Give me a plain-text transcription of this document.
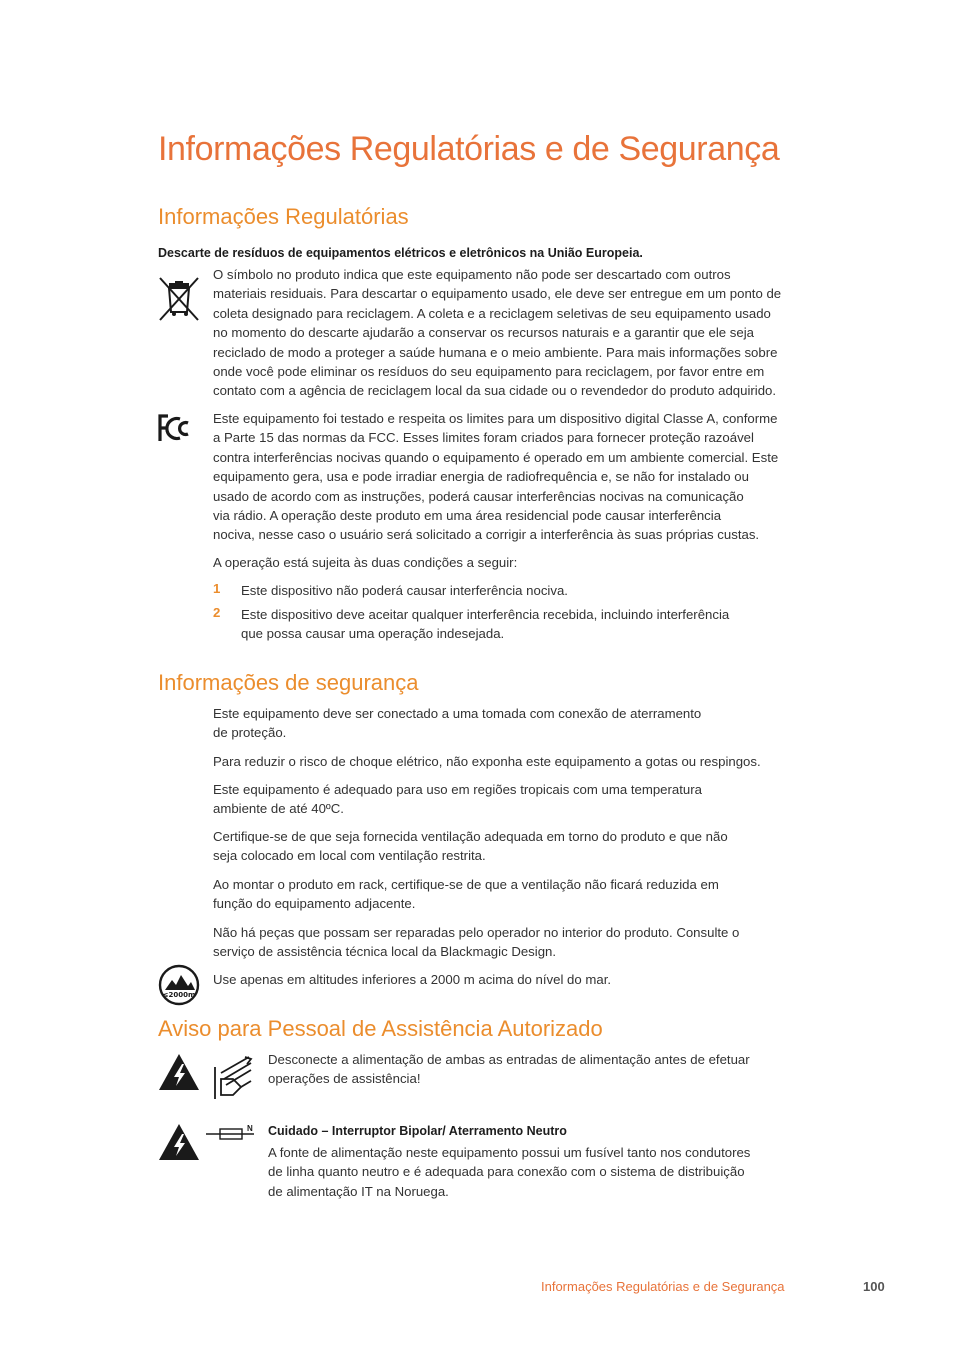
Informações Regulatórias e de Segurança
Informações Regulatórias
Descarte de resíduos de equipamentos elétricos e eletrônicos na União Europeia.
O símbolo no produto indica que este equipamento não pode ser descartado com outros
materiais residuais. Para descartar o equipamento usado, ele deve ser entregue em um ponto de
coleta designado para reciclagem. A coleta e a reciclagem seletivas de seu equipamento usado
no momento do descarte ajudarão a conservar os recursos naturais e a garantir que ele seja
reciclado de modo a proteger a saúde humana e o meio ambiente. Para mais informações sobre
onde você pode eliminar os resíduos do seu equipamento para reciclagem, por favor entre em
contato com a agência de reciclagem local da sua cidade ou o revendedor do produto adquirido.
Este equipamento foi testado e respeita os limites para um dispositivo digital Classe A, conforme
a Parte 15 das normas da FCC. Esses limites foram criados para fornecer proteção razoável
contra interferências nocivas quando o equipamento é operado em um ambiente comercial. Este
equipamento gera, usa e pode irradiar energia de radiofrequência e, se não for instalado ou
usado de acordo com as instruções, poderá causar interferências nocivas na comunicação
via rádio. A operação deste produto em uma área residencial pode causar interferência
nociva, nesse caso o usuário será solicitado a corrigir a interferência às suas próprias custas.
A operação está sujeita às duas condições a seguir:
1 Este dispositivo não poderá causar interferência nociva.
2 Este dispositivo deve aceitar qualquer interferência recebida, incluindo interferência
que possa causar uma operação indesejada.
Informações de segurança
Este equipamento deve ser conectado a uma tomada com conexão de aterramento
de proteção.
Para reduzir o risco de choque elétrico, não exponha este equipamento a gotas ou respingos.
Este equipamento é adequado para uso em regiões tropicais com uma temperatura
ambiente de até 40ºC.
Certifique-se de que seja fornecida ventilação adequada em torno do produto e que não
seja colocado em local com ventilação restrita.
Ao montar o produto em rack, certifique-se de que a ventilação não ficará reduzida em
função do equipamento adjacente.
Não há peças que possam ser reparadas pelo operador no interior do produto. Consulte o
serviço de assistência técnica local da Blackmagic Design.
≤2000m
Use apenas em altitudes inferiores a 2000 m acima do nível do mar.
Aviso para Pessoal de Assistência Autorizado
Desconecte a alimentação de ambas as entradas de alimentação antes de efetuar
operações de assistência!
N Cuidado – Interruptor Bipolar/ Aterramento Neutro
A fonte de alimentação neste equipamento possui um fusível tanto nos condutores
de linha quanto neutro e é adequada para conexão com o sistema de distribuição
de alimentação IT na Noruega.
Informações Regulatórias e de Segurança	100
